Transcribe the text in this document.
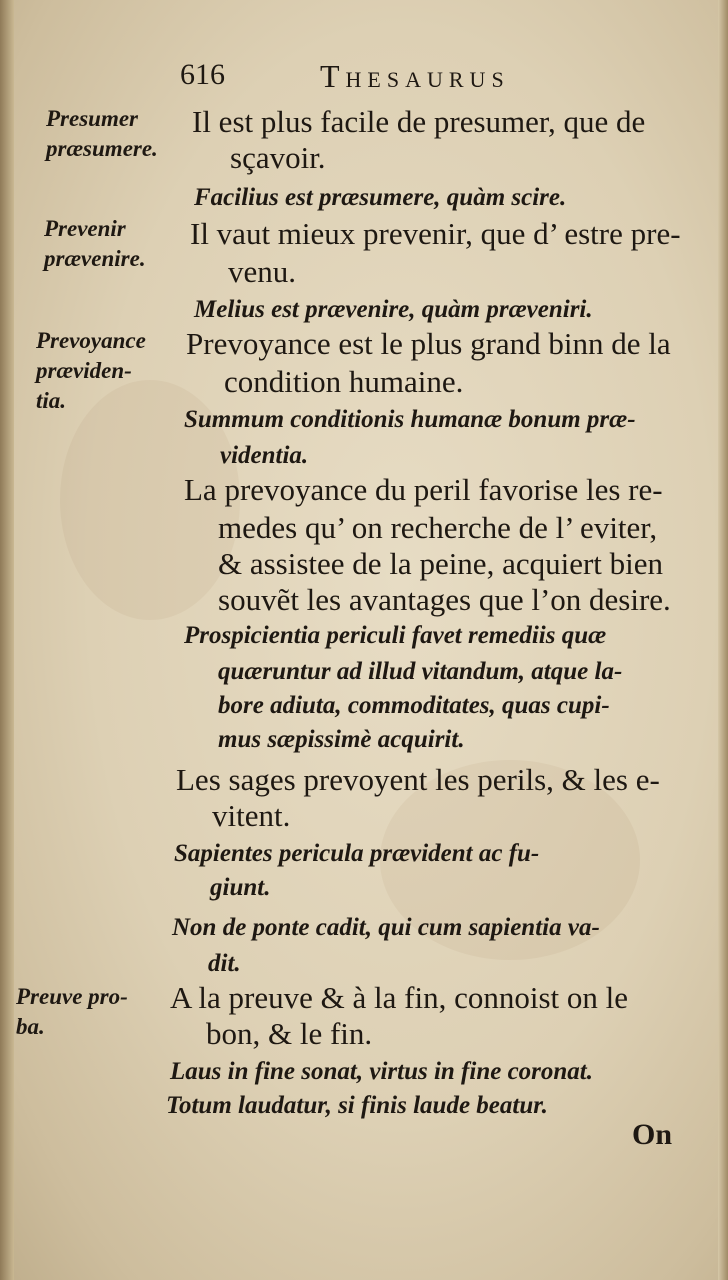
616	Thesaurus
Presumer
præsumere.
Il est plus facile de presumer, que de
sçavoir.
Facilius est præsumere, quàm scire.
Prevenir
prævenire.
Il vaut mieux prevenir, que d’ estre pre-
venu.
Melius est prævenire, quàm præveniri.
Prevoyance
præviden-
tia.
Prevoyance est le plus grand binn de la
condition humaine.
Summum conditionis humanæ bonum præ-
videntia.
La prevoyance du peril favorise les re-
medes qu’ on recherche de l’ eviter,
& assistee de la peine, acquiert bien
souvẽt les avantages que l’on desire.
Prospicientia periculi favet remediis quæ
quæruntur ad illud vitandum, atque la-
bore adiuta, commoditates, quas cupi-
mus sæpissimè acquirit.
Les sages prevoyent les perils, & les e-
vitent.
Sapientes pericula prævident ac fu-
giunt.
Non de ponte cadit, qui cum sapientia va-
dit.
Preuve pro-
ba.
A la preuve & à la fin, connoist on le
bon, & le fin.
Laus in fine sonat, virtus in fine coronat.
Totum laudatur, si finis laude beatur.
On
